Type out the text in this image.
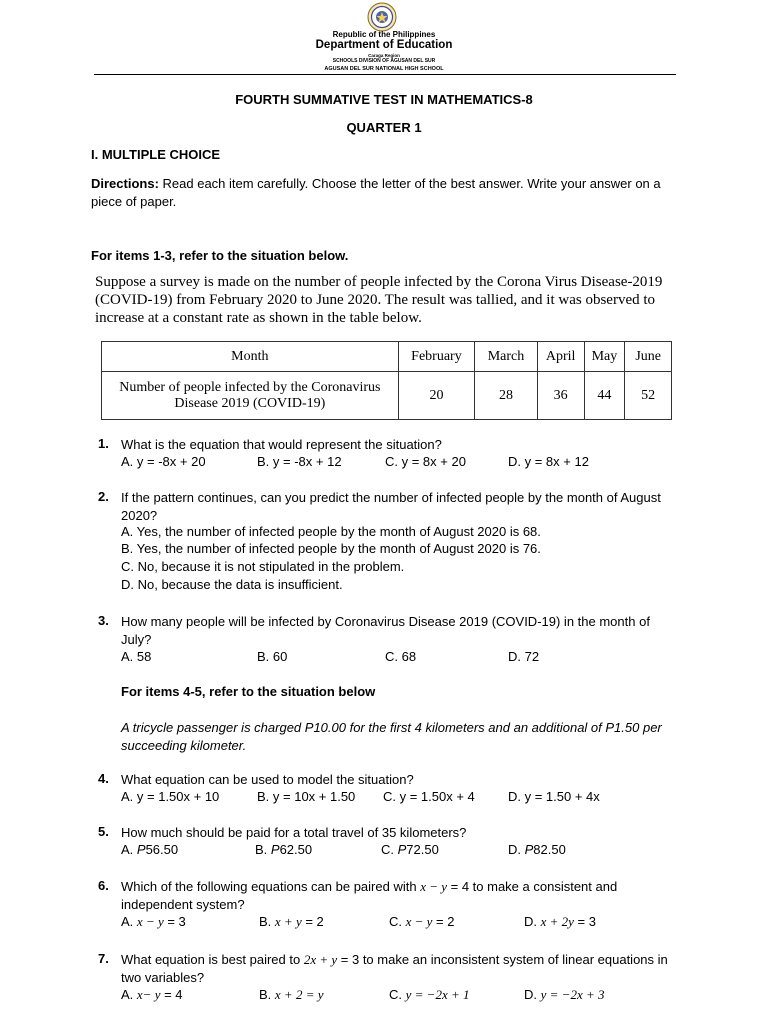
Republic of the Philippines
Department of Education
Caraga Region
SCHOOLS DIVISION OF AGUSAN DEL SUR
AGUSAN DEL SUR NATIONAL HIGH SCHOOL
FOURTH SUMMATIVE TEST IN MATHEMATICS-8
QUARTER 1
I. MULTIPLE CHOICE
Directions: Read each item carefully. Choose the letter of the best answer. Write your answer on a piece of paper.
For items 1-3, refer to the situation below.
Suppose a survey is made on the number of people infected by the Corona Virus Disease-2019 (COVID-19) from February 2020 to June 2020. The result was tallied, and it was observed to increase at a constant rate as shown in the table below.
Month	February	March	April	May	June
Number of people infected by the Coronavirus Disease 2019 (COVID-19)	20	28	36	44	52
1. What is the equation that would represent the situation?
A. y = -8x + 20	B. y = -8x + 12	C. y = 8x + 20	D. y = 8x + 12
2. If the pattern continues, can you predict the number of infected people by the month of August 2020?
A. Yes, the number of infected people by the month of August 2020 is 68.
B. Yes, the number of infected people by the month of August 2020 is 76.
C. No, because it is not stipulated in the problem.
D. No, because the data is insufficient.
3. How many people will be infected by Coronavirus Disease 2019 (COVID-19) in the month of July?
A. 58	B. 60	C. 68	D. 72
For items 4-5, refer to the situation below
A tricycle passenger is charged P10.00 for the first 4 kilometers and an additional of P1.50 per succeeding kilometer.
4. What equation can be used to model the situation?
A. y = 1.50x + 10	B. y = 10x + 1.50 C. y = 1.50x + 4	D. y = 1.50 + 4x
5. How much should be paid for a total travel of 35 kilometers?
A. P56.50	B. P62.50	C. P72.50	D. P82.50
6. Which of the following equations can be paired with x − y = 4 to make a consistent and independent system?
A. x − y = 3	B. x + y = 2	C. x − y = 2	D. x + 2y = 3
7. What equation is best paired to 2x + y = 3 to make an inconsistent system of linear equations in two variables?
A. x− y = 4	B. x + 2 = y	C. y = −2x + 1	D. y = −2x + 3
